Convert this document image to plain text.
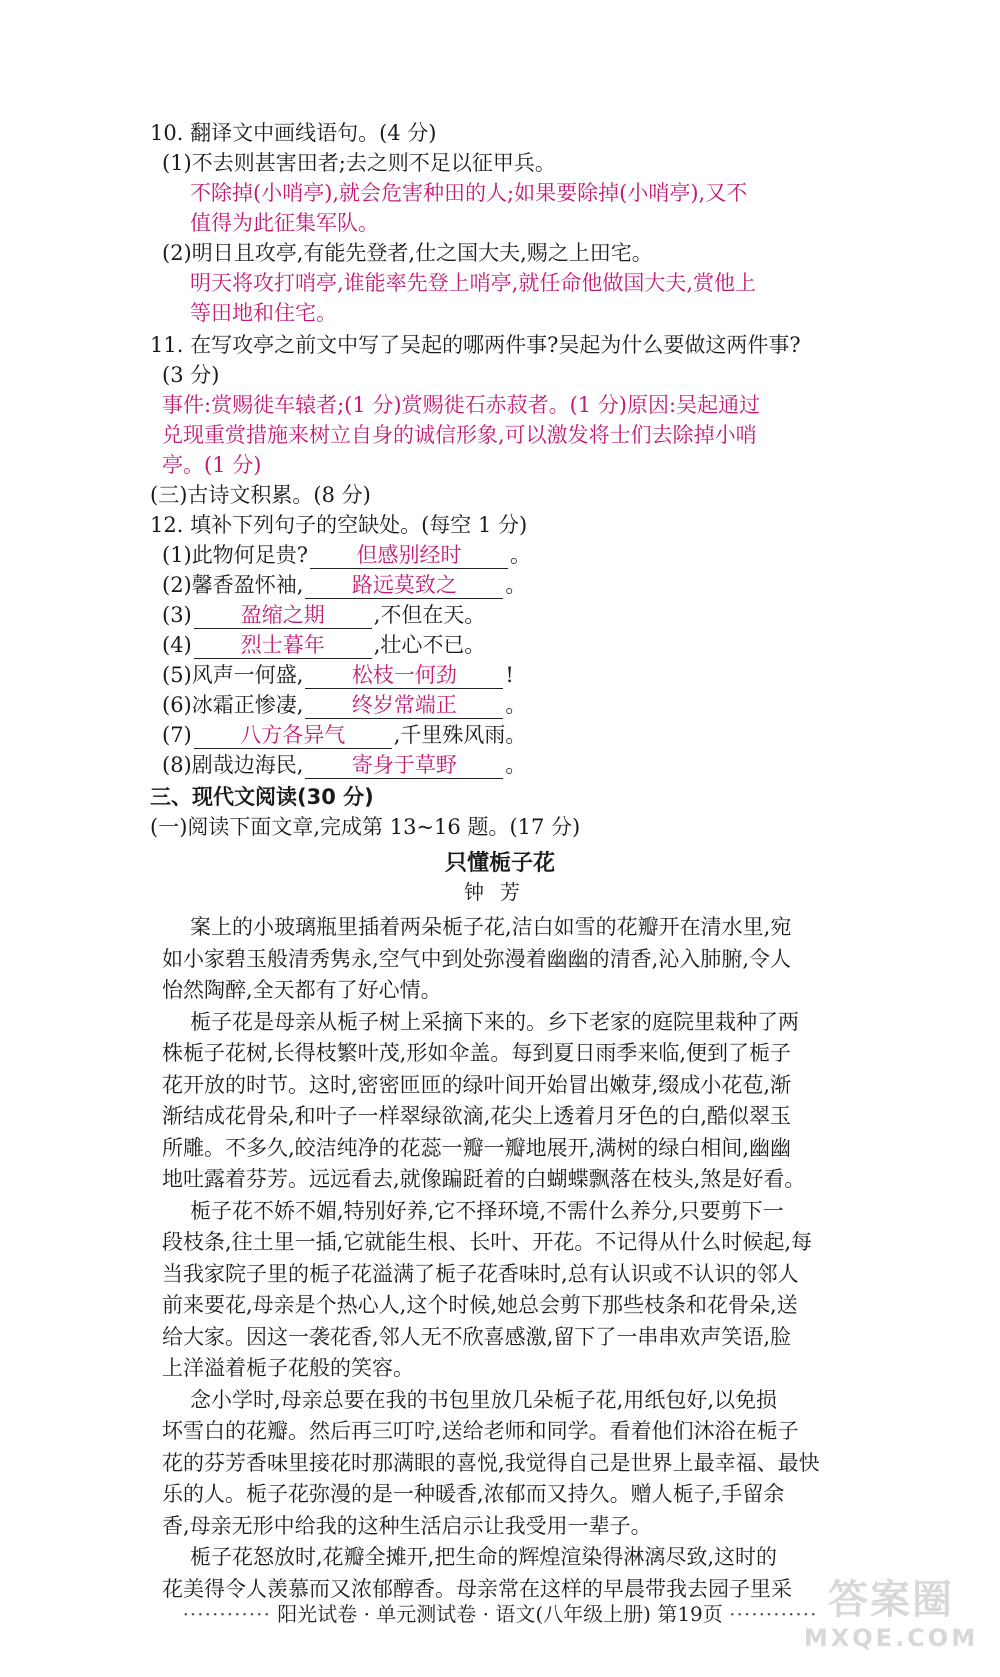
10. 翻译文中画线语句。(4 分)
(1)不去则甚害田者;去之则不足以征甲兵。
不除掉(小哨亭),就会危害种田的人;如果要除掉(小哨亭),又不
值得为此征集军队。
(2)明日且攻亭,有能先登者,仕之国大夫,赐之上田宅。
明天将攻打哨亭,谁能率先登上哨亭,就任命他做国大夫,赏他上
等田地和住宅。
11. 在写攻亭之前文中写了吴起的哪两件事?吴起为什么要做这两件事?
(3 分)
事件:赏赐徙车辕者;(1 分)赏赐徙石赤菽者。(1 分)原因:吴起通过
兑现重赏措施来树立自身的诚信形象,可以激发将士们去除掉小哨
亭。(1 分)
(三)古诗文积累。(8 分)
12. 填补下列句子的空缺处。(每空 1 分)
(1)此物何足贵? 但感别经时 。
(2)馨香盈怀袖, 路远莫致之 。
(3) 盈缩之期 ,不但在天。
(4) 烈士暮年 ,壮心不已。
(5)风声一何盛, 松枝一何劲 !
(6)冰霜正惨凄, 终岁常端正 。
(7) 八方各异气 ,千里殊风雨。
(8)剧哉边海民, 寄身于草野 。
三、现代文阅读(30 分)
(一)阅读下面文章,完成第 13~16 题。(17 分)
只懂栀子花
钟芳
案上的小玻璃瓶里插着两朵栀子花,洁白如雪的花瓣开在清水里,宛
如小家碧玉般清秀隽永,空气中到处弥漫着幽幽的清香,沁入肺腑,令人
怡然陶醉,全天都有了好心情。
栀子花是母亲从栀子树上采摘下来的。乡下老家的庭院里栽种了两
株栀子花树,长得枝繁叶茂,形如伞盖。每到夏日雨季来临,便到了栀子
花开放的时节。这时,密密匝匝的绿叶间开始冒出嫩芽,缀成小花苞,渐
渐结成花骨朵,和叶子一样翠绿欲滴,花尖上透着月牙色的白,酷似翠玉
所雕。不多久,皎洁纯净的花蕊一瓣一瓣地展开,满树的绿白相间,幽幽
地吐露着芬芳。远远看去,就像蹁跹着的白蝴蝶飘落在枝头,煞是好看。
栀子花不娇不媚,特别好养,它不择环境,不需什么养分,只要剪下一
段枝条,往土里一插,它就能生根、长叶、开花。不记得从什么时候起,每
当我家院子里的栀子花溢满了栀子花香味时,总有认识或不认识的邻人
前来要花,母亲是个热心人,这个时候,她总会剪下那些枝条和花骨朵,送
给大家。因这一袭花香,邻人无不欣喜感激,留下了一串串欢声笑语,脸
上洋溢着栀子花般的笑容。
念小学时,母亲总要在我的书包里放几朵栀子花,用纸包好,以免损
坏雪白的花瓣。然后再三叮咛,送给老师和同学。看着他们沐浴在栀子
花的芬芳香味里接花时那满眼的喜悦,我觉得自己是世界上最幸福、最快
乐的人。栀子花弥漫的是一种暖香,浓郁而又持久。赠人栀子,手留余
香,母亲无形中给我的这种生活启示让我受用一辈子。
栀子花怒放时,花瓣全摊开,把生命的辉煌渲染得淋漓尽致,这时的
花美得令人羡慕而又浓郁醇香。母亲常在这样的早晨带我去园子里采
············ 阳光试卷 · 单元测试卷 · 语文(八年级上册) 第19页 ············ 答案圈
MXQE.COM
